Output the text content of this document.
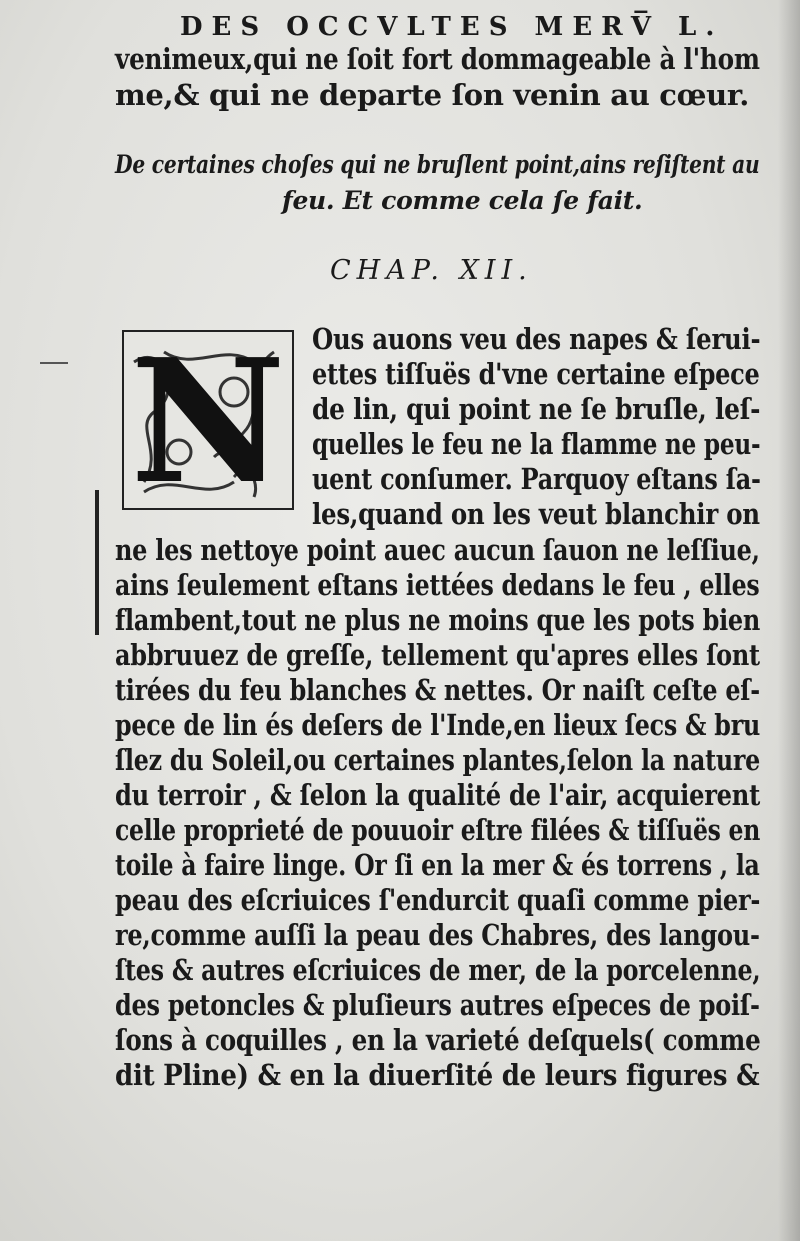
DES OCCVLTES MERV̅ L.
venimeux,qui ne ſoit fort dommageable à l'hom
me,& qui ne departe ſon venin au cœur.
De certaines choſes qui ne bruſlent point,ains reſiſtent au
feu. Et comme cela ſe fait.
CHAP. XII.
N Ous auons veu des napes & ſerui-
ettes tiſſuës d'vne certaine eſpece
de lin, qui point ne ſe bruſle, leſ-
quelles le feu ne la flamme ne peu-
uent conſumer. Parquoy eſtans ſa-
les,quand on les veut blanchir on
ne les nettoye point auec aucun ſauon ne leſſiue,
ains ſeulement eſtans iettées dedans le feu , elles
flambent,tout ne plus ne moins que les pots bien
abbruuez de greſſe, tellement qu'apres elles ſont
tirées du feu blanches & nettes. Or naiſt ceſte eſ-
pece de lin és deſers de l'Inde,en lieux ſecs & bru
ſlez du Soleil,ou certaines plantes,ſelon la nature
du terroir , & ſelon la qualité de l'air, acquierent
celle proprieté de pouuoir eſtre filées & tiſſuës en
toile à faire linge. Or ſi en la mer & és torrens , la
peau des eſcriuices ſ'endurcit quaſi comme pier-
re,comme auſſi la peau des Chabres, des langou-
ſtes & autres eſcriuices de mer, de la porcelenne,
des petoncles & pluſieurs autres eſpeces de poiſ-
ſons à coquilles , en la varieté deſquels( comme
dit Pline) & en la diuerſité de leurs figures &
